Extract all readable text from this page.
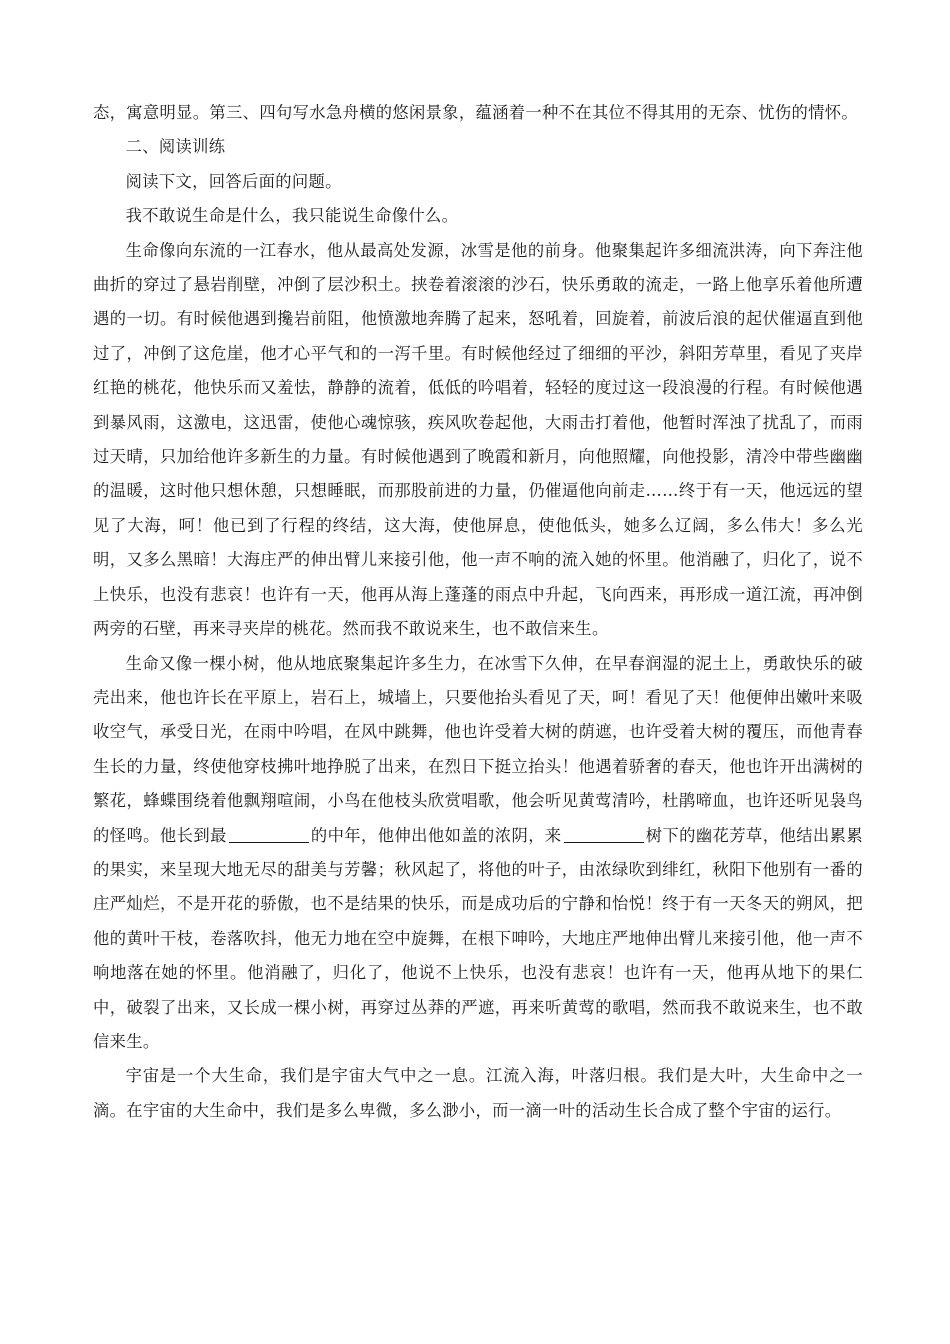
态，寓意明显。第三、四句写水急舟横的悠闲景象，蕴涵着一种不在其位不得其用的无奈、忧伤的情怀。

二、阅读训练

阅读下文，回答后面的问题。

我不敢说生命是什么，我只能说生命像什么。

生命像向东流的一江春水，他从最高处发源，冰雪是他的前身。他聚集起许多细流洪涛，向下奔注他曲折的穿过了悬岩削壁，冲倒了层沙积土。挟卷着滚滚的沙石，快乐勇敢的流走，一路上他享乐着他所遭遇的一切。有时候他遇到攙岩前阻，他愤激地奔腾了起来，怒吼着，回旋着，前波后浪的起伏催逼直到他过了，冲倒了这危崖，他才心平气和的一泻千里。有时候他经过了细细的平沙，斜阳芳草里，看见了夹岸红艳的桃花，他快乐而又羞怯，静静的流着，低低的吟唱着，轻轻的度过这一段浪漫的行程。有时候他遇到暴风雨，这激电，这迅雷，使他心魂惊骇，疾风吹卷起他，大雨击打着他，他暂时浑浊了扰乱了，而雨过天晴，只加给他许多新生的力量。有时候他遇到了晚霞和新月，向他照耀，向他投影，清冷中带些幽幽的温暖，这时他只想休憩，只想睡眠，而那股前进的力量，仍催逼他向前走……终于有一天，他远远的望见了大海，呵！他已到了行程的终结，这大海，使他屏息，使他低头，她多么辽阔，多么伟大！多么光明，又多么黑暗！大海庄严的伸出臂儿来接引他，他一声不响的流入她的怀里。他消融了，归化了，说不上快乐，也没有悲哀！也许有一天，他再从海上蓬蓬的雨点中升起，飞向西来，再形成一道江流，再冲倒两旁的石壁，再来寻夹岸的桃花。然而我不敢说来生，也不敢信来生。

生命又像一棵小树，他从地底聚集起许多生力，在冰雪下久伸，在早春润湿的泥土上，勇敢快乐的破壳出来，他也许长在平原上，岩石上，城墙上，只要他抬头看见了天，呵！看见了天！他便伸出嫩叶来吸收空气，承受日光，在雨中吟唱，在风中跳舞，他也许受着大树的荫遮，也许受着大树的覆压，而他青春生长的力量，终使他穿枝拂叶地挣脱了出来，在烈日下挺立抬头！他遇着骄奢的春天，他也许开出满树的繁花，蜂蝶围绕着他飘翔喧闹，小鸟在他枝头欣赏唱歌，他会听见黄莺清吟，杜鹃啼血，也许还听见袅鸟的怪鸣。他长到最	的中年，他伸出他如盖的浓阴，来	树下的幽花芳草，他结出累累的果实，来呈现大地无尽的甜美与芳馨；秋风起了，将他的叶子，由浓绿吹到绯红，秋阳下他别有一番的庄严灿烂，不是开花的骄傲，也不是结果的快乐，而是成功后的宁静和怡悦！终于有一天冬天的朔风，把他的黄叶干枝，卷落吹抖，他无力地在空中旋舞，在根下呻吟，大地庄严地伸出臂儿来接引他，他一声不响地落在她的怀里。他消融了，归化了，他说不上快乐，也没有悲哀！也许有一天，他再从地下的果仁中，破裂了出来，又长成一棵小树，再穿过丛莽的严遮，再来听黄莺的歌唱，然而我不敢说来生，也不敢信来生。

宇宙是一个大生命，我们是宇宙大气中之一息。江流入海，叶落归根。我们是大叶，大生命中之一滴。在宇宙的大生命中，我们是多么卑微，多么渺小，而一滴一叶的活动生长合成了整个宇宙的运行。
